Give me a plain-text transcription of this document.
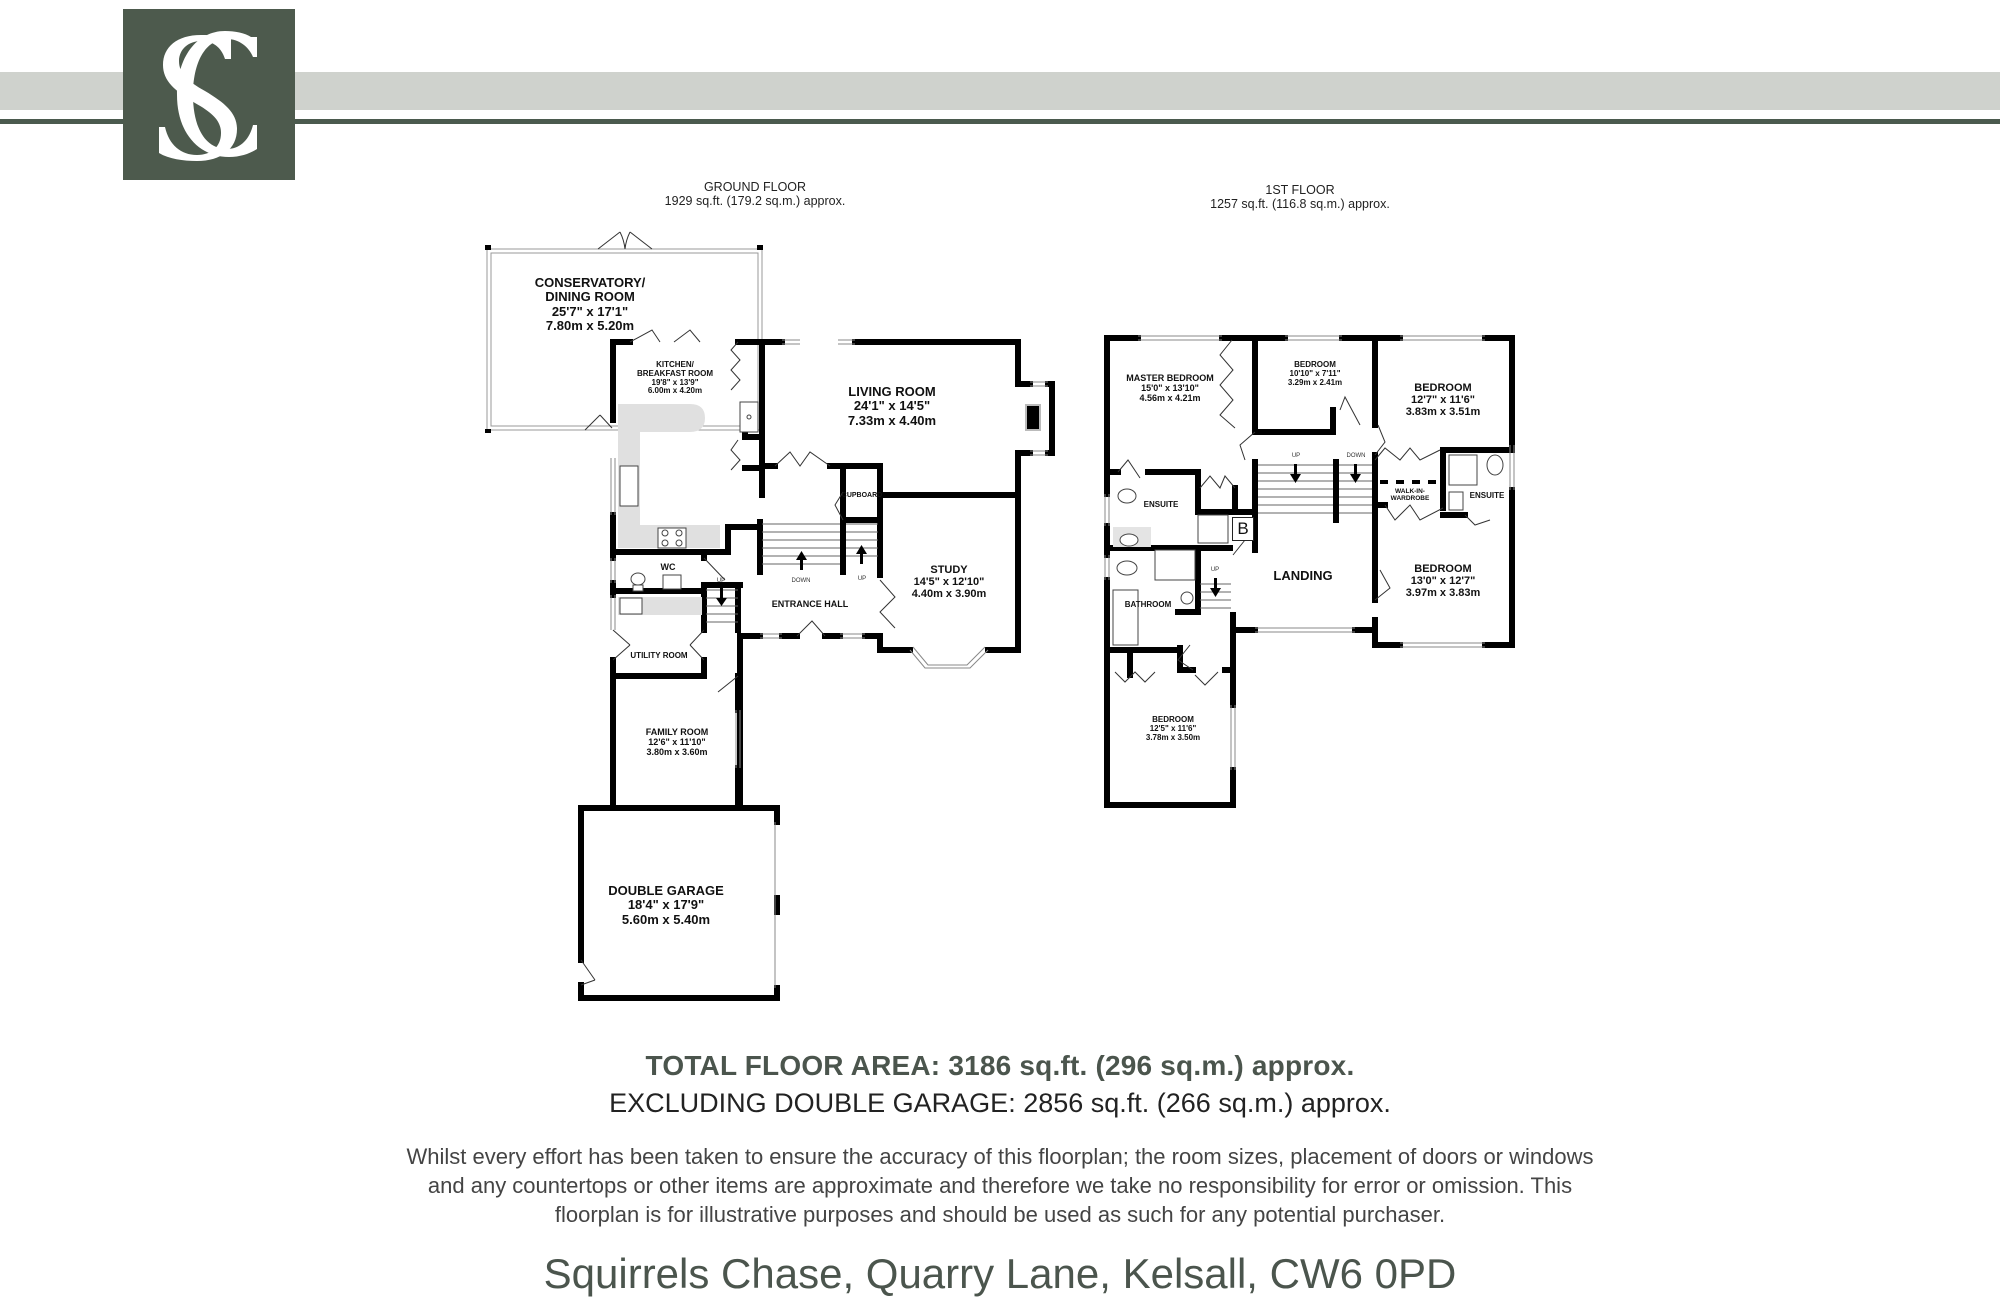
GROUND FLOOR
1929 sq.ft. (179.2 sq.m.) approx.
1ST FLOOR
1257 sq.ft. (116.8 sq.m.) approx.
B
CONSERVATORY/
DINING ROOM
25'7" x 17'1"
7.80m x 5.20m
KITCHEN/
BREAKFAST ROOM
19'8" x 13'9"
6.00m x 4.20m	LIVING ROOM
24'1" x 14'5"
7.33m x 4.40m
STUDY
14'5" x 12'10"
4.40m x 3.90m
ENTRANCE HALL
WC
UTILITY ROOM
CUPBOARD
FAMILY ROOM
12'6" x 11'10"
3.80m x 3.60m
DOUBLE GARAGE
18'4" x 17'9"
5.60m x 5.40m
DOWN	UP
UP
MASTER BEDROOM
15'0" x 13'10"
4.56m x 4.21m
BEDROOM
10'10" x 7'11"
3.29m x 2.41m	BEDROOM
12'7" x 11'6"
3.83m x 3.51m
ENSUITE
WALK-IN-
WARDROBE	ENSUITE
LANDING	BEDROOM
13'0" x 12'7"
3.97m x 3.83m
BATHROOM
BEDROOM
12'5" x 11'6"
3.78m x 3.50m
UP	DOWN
UP
TOTAL FLOOR AREA: 3186 sq.ft. (296 sq.m.) approx.
EXCLUDING DOUBLE GARAGE: 2856 sq.ft. (266 sq.m.) approx.
Whilst every effort has been taken to ensure the accuracy of this floorplan; the room sizes, placement of doors or windows and any countertops or other items are approximate and therefore we take no responsibility for error or omission. This floorplan is for illustrative purposes and should be used as such for any potential purchaser.
Squirrels Chase, Quarry Lane, Kelsall, CW6 0PD
